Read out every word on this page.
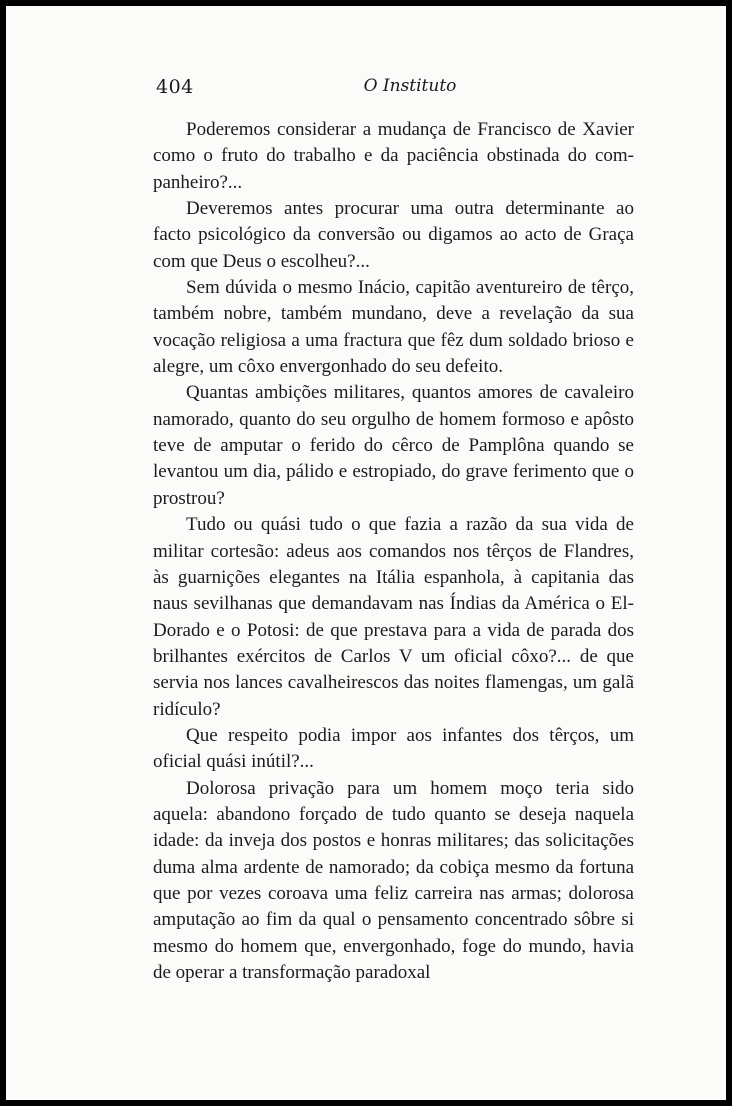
404	O Instituto

Poderemos considerar a mudança de Francisco de Xavier como o fruto do trabalho e da paciência obstinada do companheiro?...

Deveremos antes procurar uma outra determinante ao facto psicológico da conversão ou digamos ao acto de Graça com que Deus o escolheu?...

Sem dúvida o mesmo Inácio, capitão aventureiro de têrço, também nobre, também mundano, deve a revelação da sua vocação religiosa a uma fractura que fêz dum soldado brioso e alegre, um côxo envergonhado do seu defeito.

Quantas ambições militares, quantos amores de cavaleiro namorado, quanto do seu orgulho de homem formoso e apôsto teve de amputar o ferido do cêrco de Pamplôna quando se levantou um dia, pálido e estropiado, do grave ferimento que o prostrou?

Tudo ou quási tudo o que fazia a razão da sua vida de militar cortesão: adeus aos comandos nos têrços de Flandres, às guarnições elegantes na Itália espanhola, à capitania das naus sevilhanas que demandavam nas Índias da América o El-Dorado e o Potosi: de que prestava para a vida de parada dos brilhantes exércitos de Carlos V um oficial côxo?... de que servia nos lances cavalheirescos das noites flamengas, um galã ridículo?

Que respeito podia impor aos infantes dos têrços, um oficial quási inútil?...

Dolorosa privação para um homem moço teria sido aquela: abandono forçado de tudo quanto se deseja naquela idade: da inveja dos postos e honras militares; das solicitações duma alma ardente de namorado; da cobiça mesmo da fortuna que por vezes coroava uma feliz carreira nas armas; dolorosa amputação ao fim da qual o pensamento concentrado sôbre si mesmo do homem que, envergonhado, foge do mundo, havia de operar a transformação paradoxal
